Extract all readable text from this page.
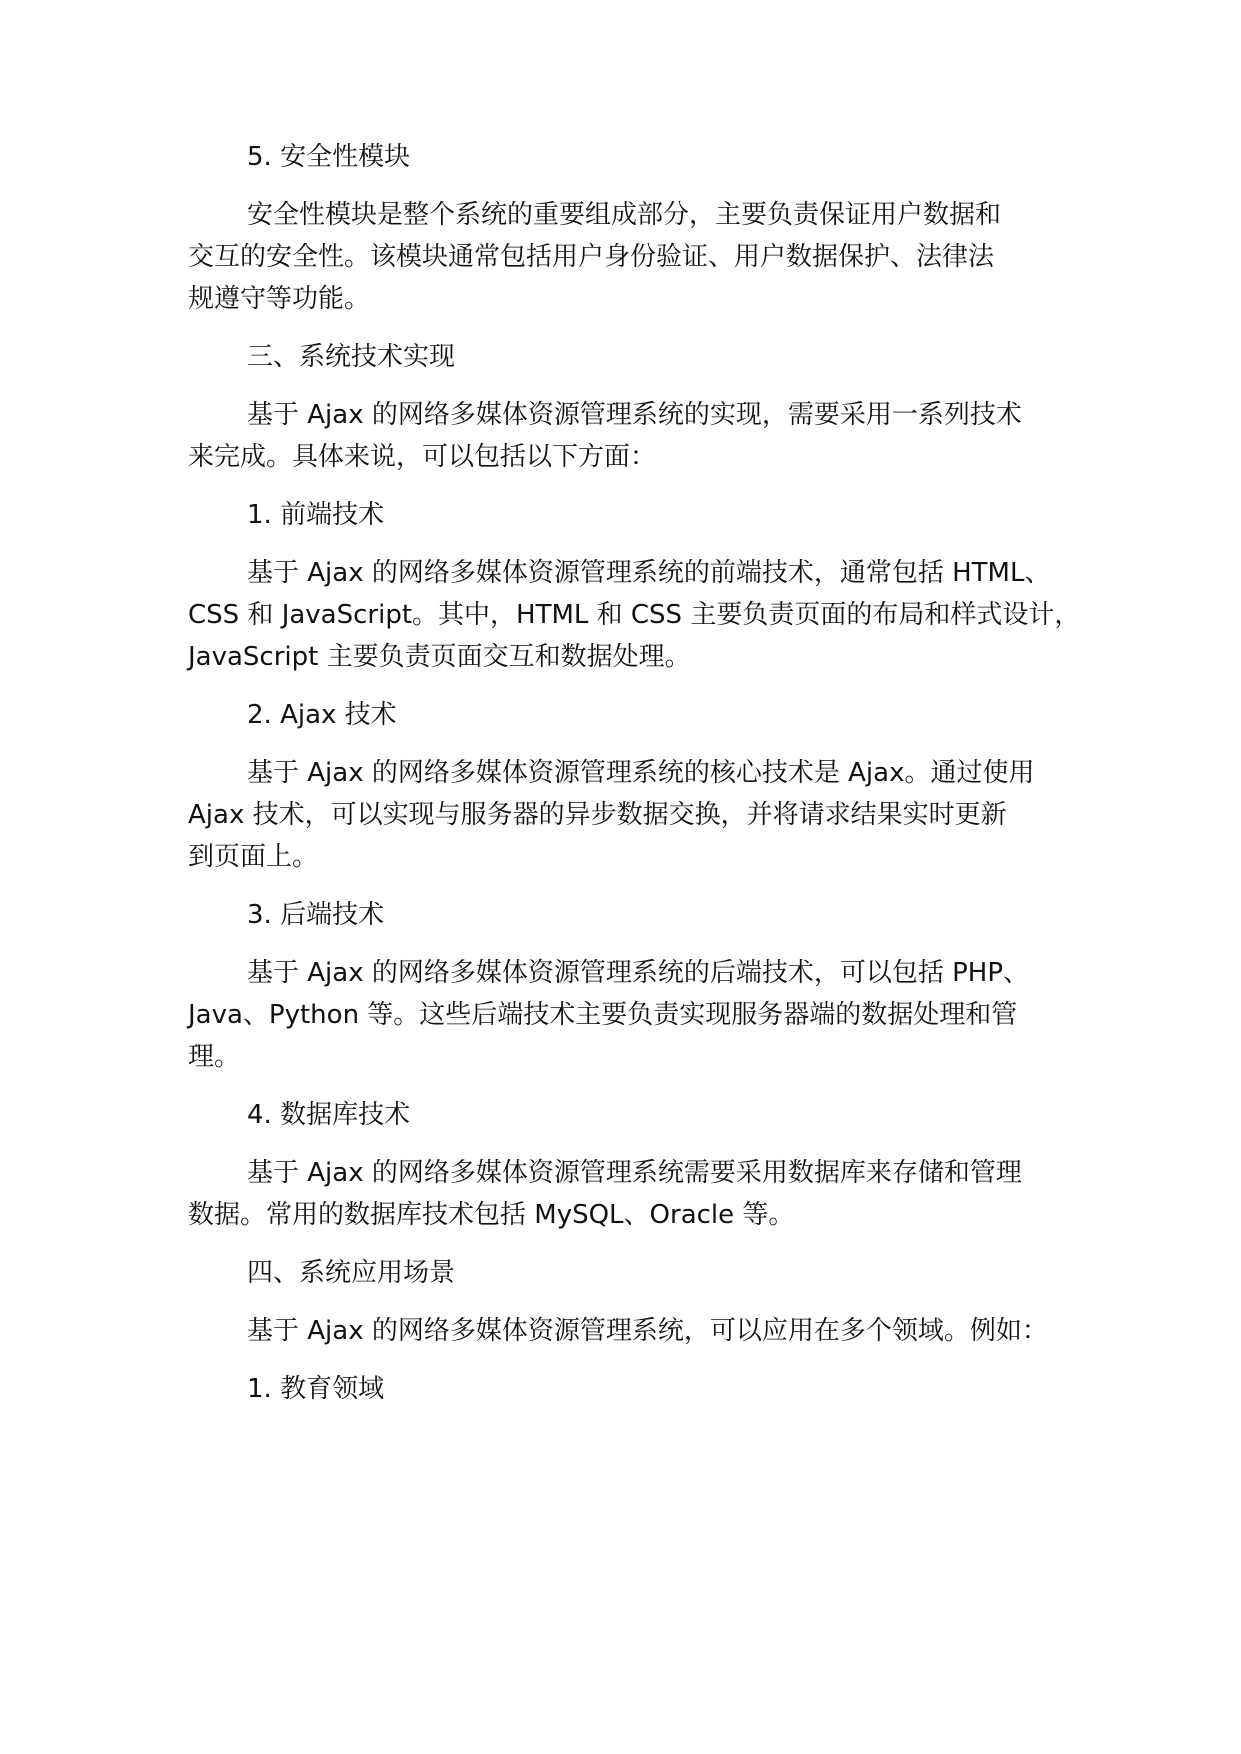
5. 安全性模块
安全性模块是整个系统的重要组成部分，主要负责保证用户数据和
交互的安全性。该模块通常包括用户身份验证、用户数据保护、法律法
规遵守等功能。
三、系统技术实现
基于 Ajax 的网络多媒体资源管理系统的实现，需要采用一系列技术
来完成。具体来说，可以包括以下方面：
1. 前端技术
基于 Ajax 的网络多媒体资源管理系统的前端技术，通常包括 HTML、
CSS 和 JavaScript。其中，HTML 和 CSS 主要负责页面的布局和样式设计，
JavaScript 主要负责页面交互和数据处理。
2. Ajax 技术
基于 Ajax 的网络多媒体资源管理系统的核心技术是 Ajax。通过使用
Ajax 技术，可以实现与服务器的异步数据交换，并将请求结果实时更新
到页面上。
3. 后端技术
基于 Ajax 的网络多媒体资源管理系统的后端技术，可以包括 PHP、
Java、Python 等。这些后端技术主要负责实现服务器端的数据处理和管
理。
4. 数据库技术
基于 Ajax 的网络多媒体资源管理系统需要采用数据库来存储和管理
数据。常用的数据库技术包括 MySQL、Oracle 等。
四、系统应用场景
基于 Ajax 的网络多媒体资源管理系统，可以应用在多个领域。例如：
1. 教育领域
